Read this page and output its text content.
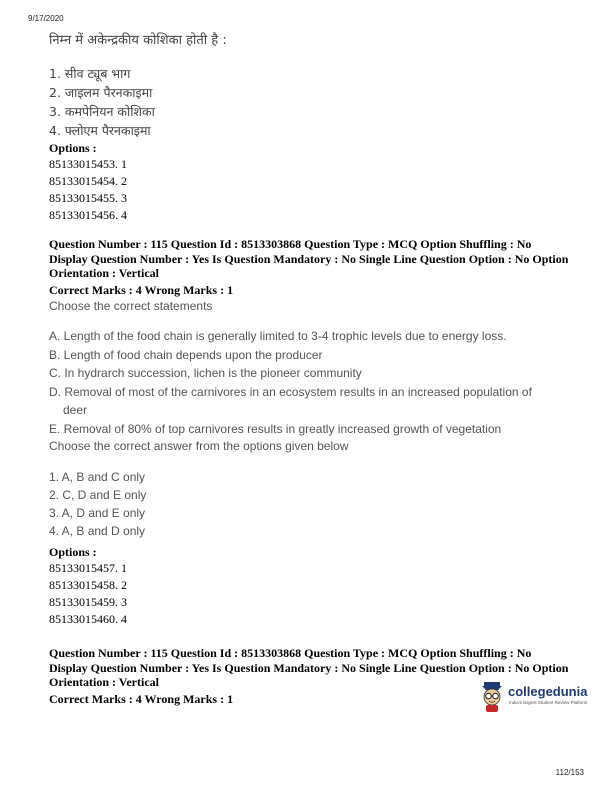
9/17/2020
निम्न में अकेन्द्रकीय कोशिका होती है :
1. सीव ट्यूब भाग
2. जाइलम पैरनकाइमा
3. कमपेनियन कोशिका
4. फ्लोएम पैरनकाइमा
Options :
85133015453. 1
85133015454. 2
85133015455. 3
85133015456. 4
Question Number : 115 Question Id : 8513303868 Question Type : MCQ Option Shuffling : No
Display Question Number : Yes Is Question Mandatory : No Single Line Question Option : No Option
Orientation : Vertical
Correct Marks : 4 Wrong Marks : 1
Choose the correct statements
A. Length of the food chain is generally limited to 3-4 trophic levels due to energy loss.
B. Length of food chain depends upon the producer
C. In hydrarch succession, lichen is the pioneer community
D. Removal of most of the carnivores in an ecosystem results in an increased population of
deer
E. Removal of 80% of top carnivores results in greatly increased growth of vegetation
Choose the correct answer from the options given below
1. A, B and C only
2. C, D and E only
3. A, D and E only
4. A, B and D only
Options :
85133015457. 1
85133015458. 2
85133015459. 3
85133015460. 4
Question Number : 115 Question Id : 8513303868 Question Type : MCQ Option Shuffling : No
Display Question Number : Yes Is Question Mandatory : No Single Line Question Option : No Option
Orientation : Vertical
Correct Marks : 4 Wrong Marks : 1	collegedunia
India's largest Student Review Platform
112/153
